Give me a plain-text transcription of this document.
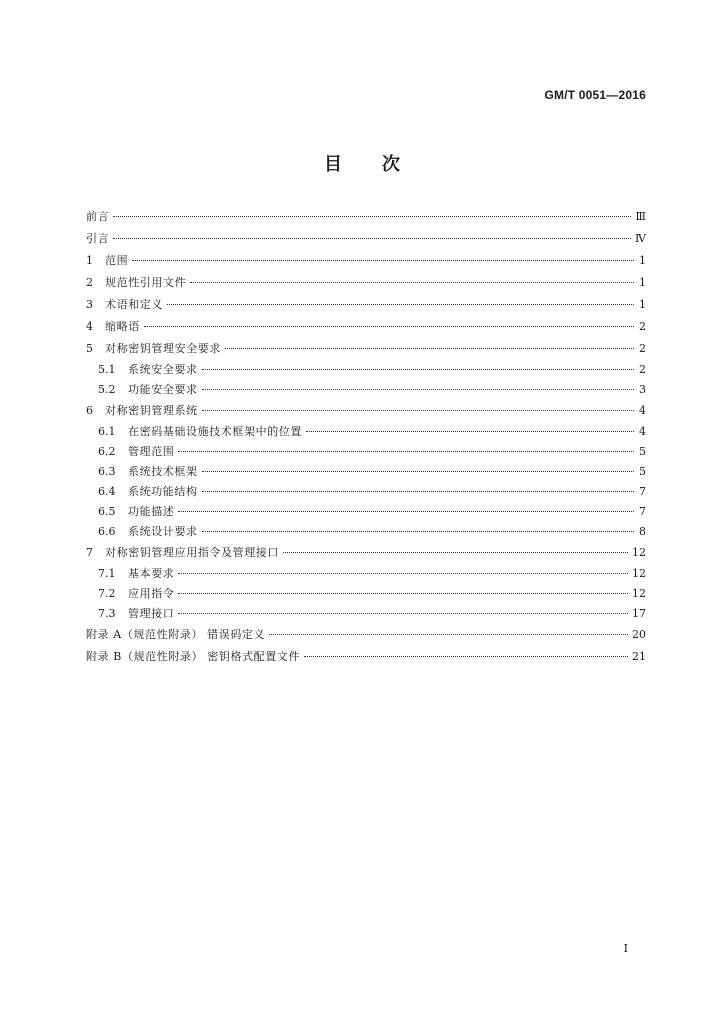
GM/T 0051—2016
目 次
前言	Ⅲ
引言	Ⅳ
1	范围	1
2	规范性引用文件	1
3	术语和定义	1
4	缩略语	2
5	对称密钥管理安全要求	2
5.1	系统安全要求	2
5.2	功能安全要求	3
6	对称密钥管理系统	4
6.1	在密码基础设施技术框架中的位置	4
6.2	管理范围	5
6.3	系统技术框架	5
6.4	系统功能结构	7
6.5	功能描述	7
6.6	系统设计要求	8
7	对称密钥管理应用指令及管理接口	12
7.1	基本要求	12
7.2	应用指令	12
7.3	管理接口	17
附录 A（规范性附录） 错误码定义	20
附录 B（规范性附录） 密钥格式配置文件	21
I
